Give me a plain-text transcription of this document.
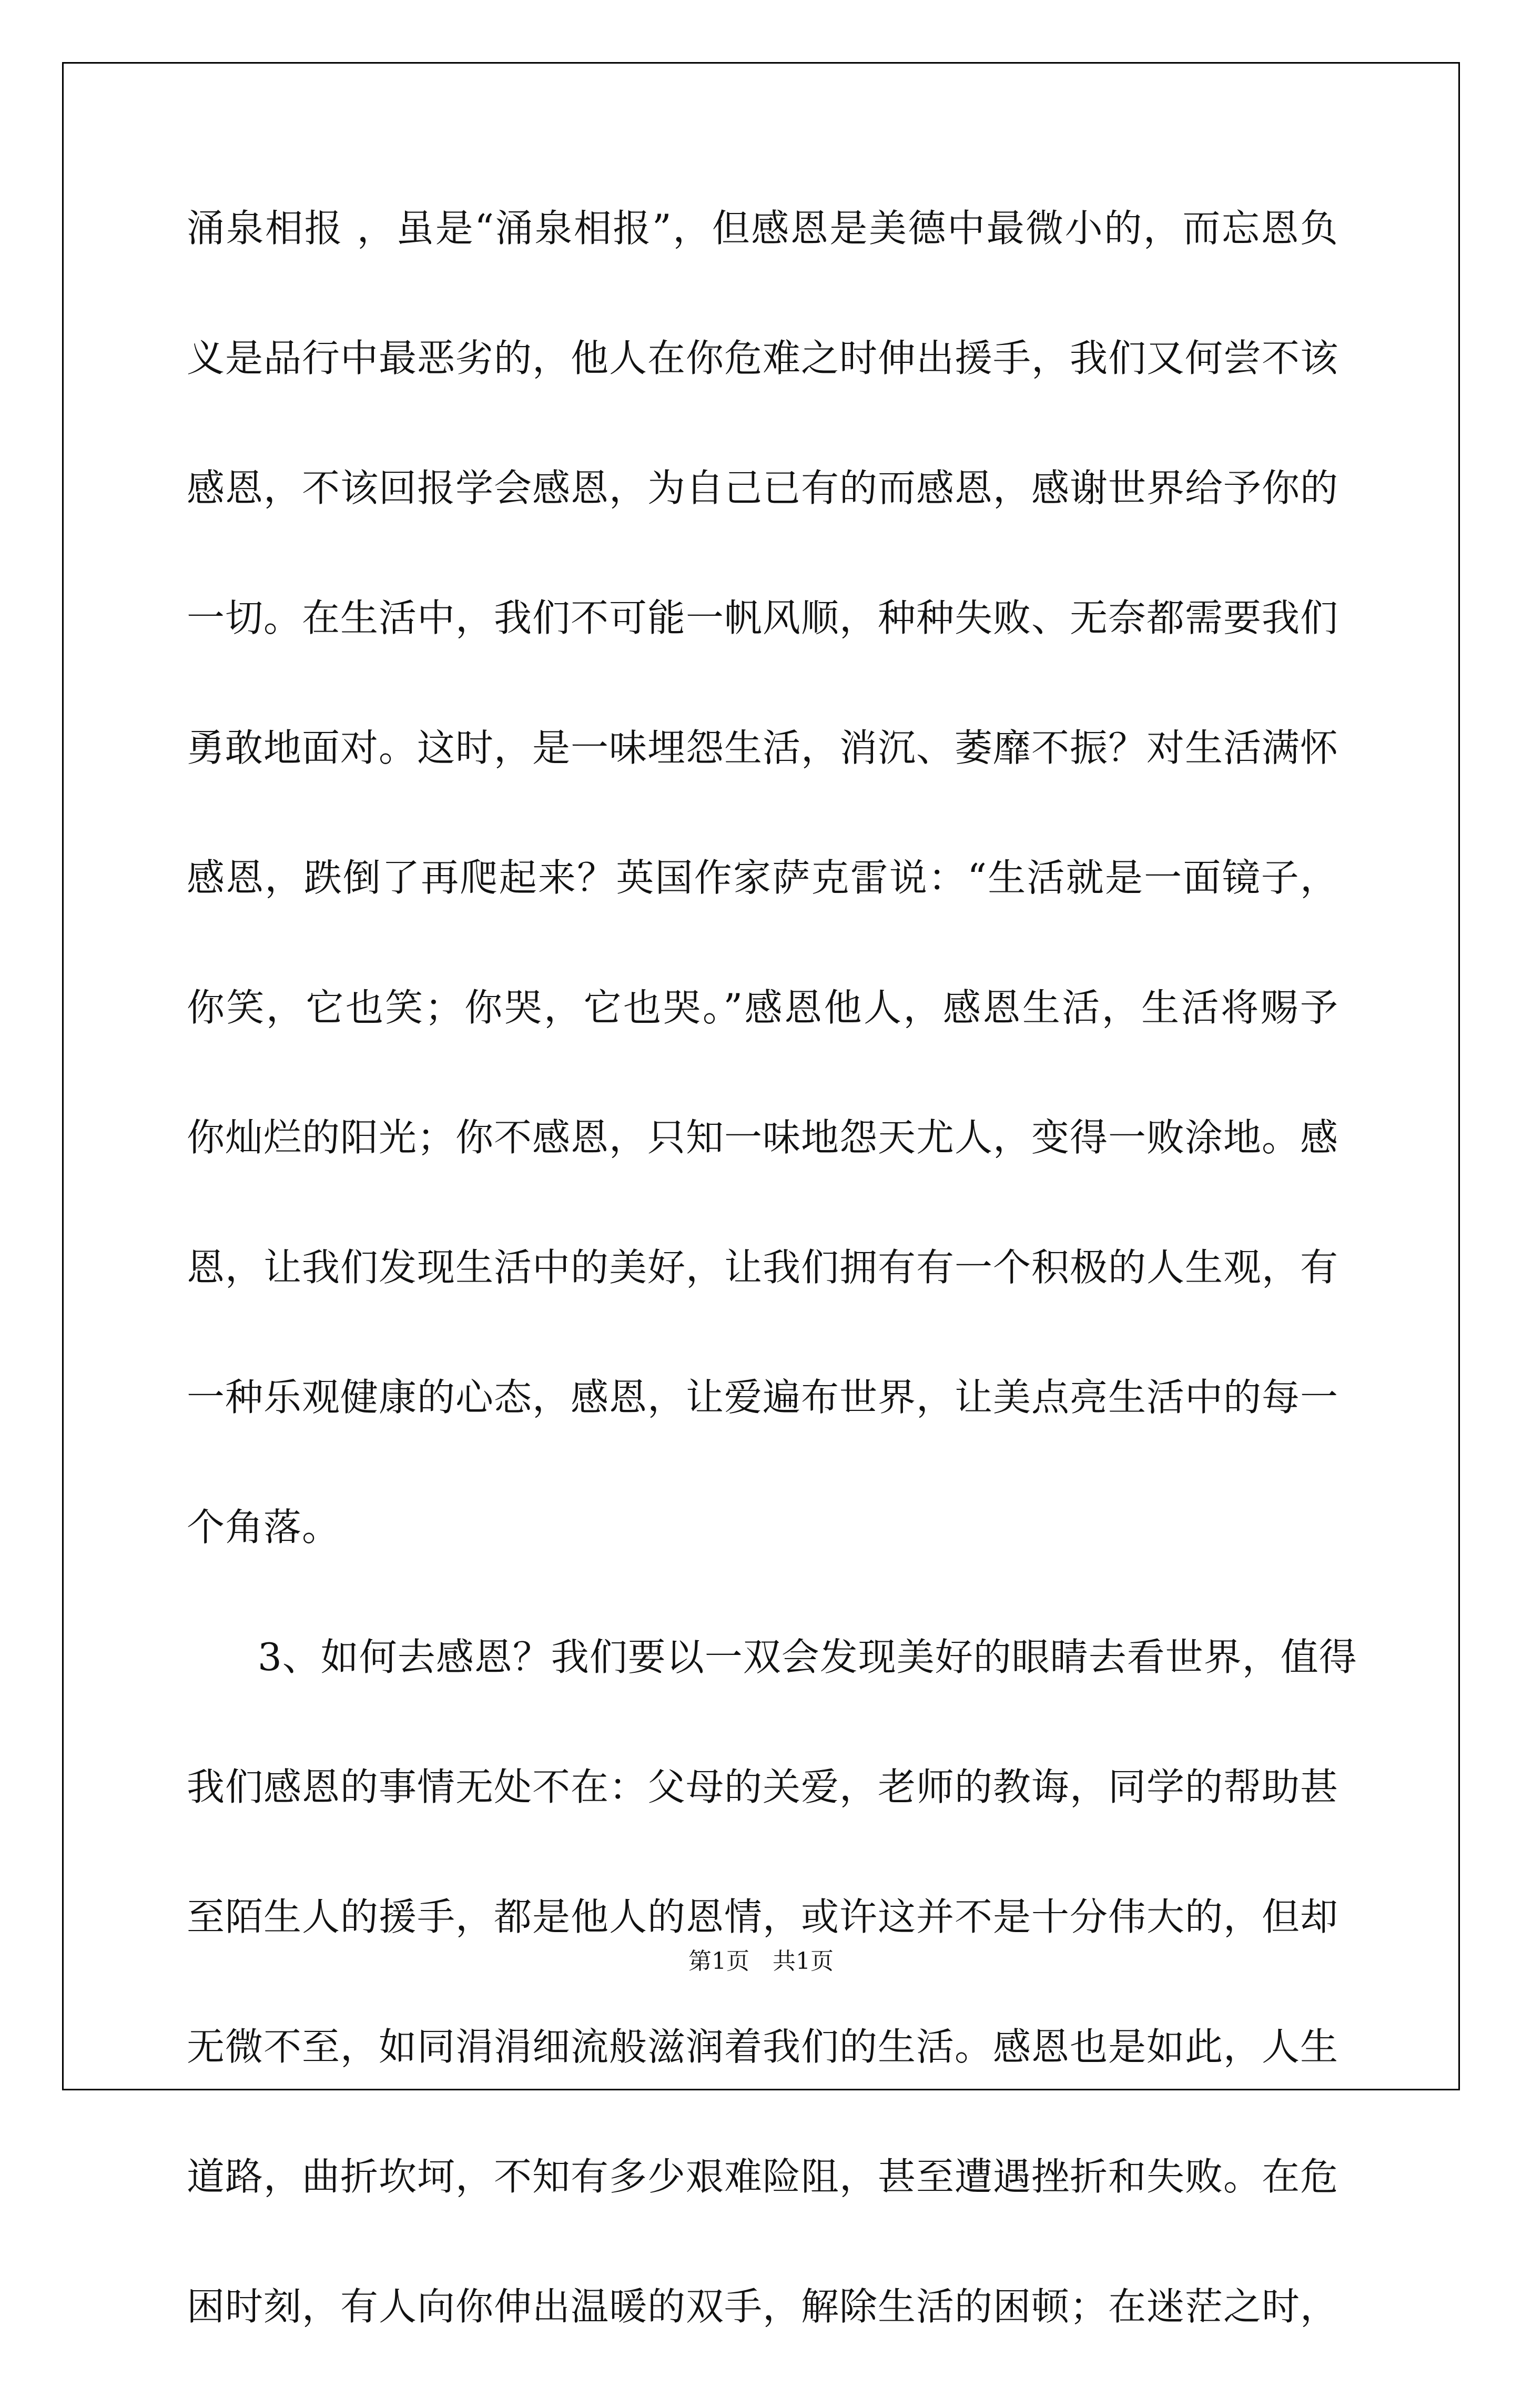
涌泉相报 ，虽是“涌泉相报”，但感恩是美德中最微小的，而忘恩负
义是品行中最恶劣的，他人在你危难之时伸出援手，我们又何尝不该
感恩，不该回报学会感恩，为自己已有的而感恩，感谢世界给予你的
一切。在生活中，我们不可能一帆风顺，种种失败、无奈都需要我们
勇敢地面对。这时，是一味埋怨生活，消沉、萎靡不振？对生活满怀
感恩，跌倒了再爬起来？英国作家萨克雷说：“生活就是一面镜子，
你笑，它也笑；你哭，它也哭。”感恩他人，感恩生活，生活将赐予
你灿烂的阳光；你不感恩，只知一味地怨天尤人，变得一败涂地。感
恩，让我们发现生活中的美好，让我们拥有有一个积极的人生观，有
一种乐观健康的心态，感恩，让爱遍布世界，让美点亮生活中的每一
个角落。
3、如何去感恩？我们要以一双会发现美好的眼睛去看世界，值得
我们感恩的事情无处不在：父母的关爱，老师的教诲，同学的帮助甚
至陌生人的援手，都是他人的恩情，或许这并不是十分伟大的，但却
无微不至，如同涓涓细流般滋润着我们的生活。感恩也是如此，人生
道路，曲折坎坷，不知有多少艰难险阻，甚至遭遇挫折和失败。在危
困时刻，有人向你伸出温暖的双手，解除生活的困顿；在迷茫之时，
第1页　共1页
